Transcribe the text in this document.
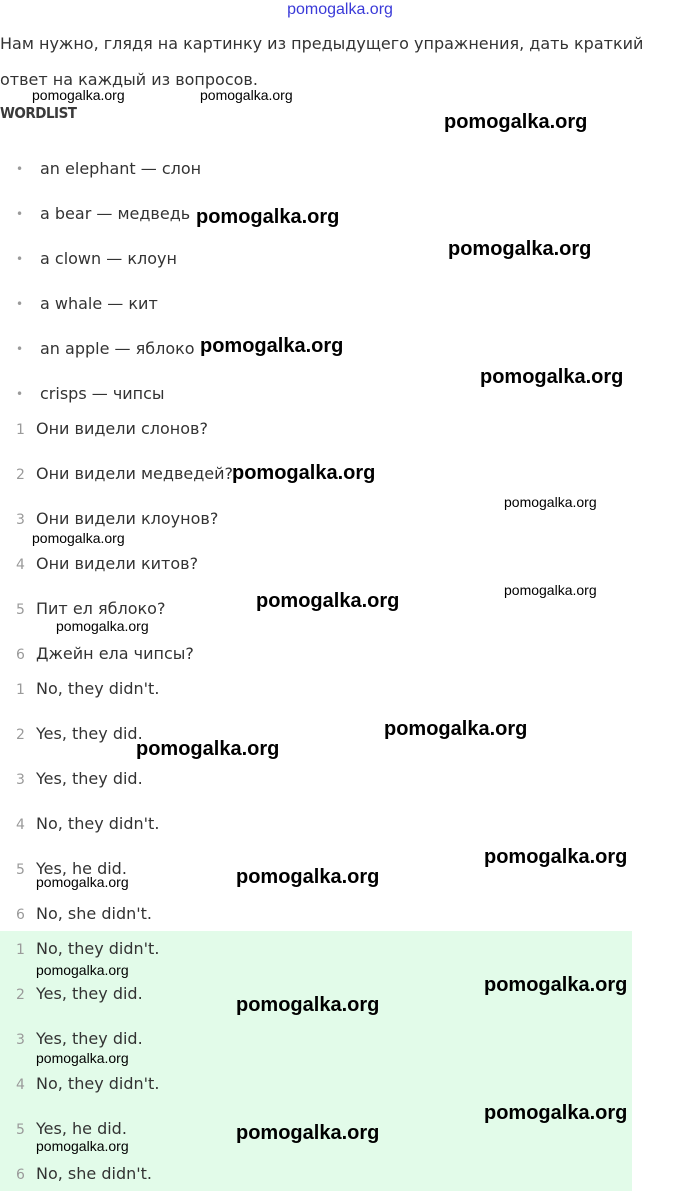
pomogalka.org
Нам нужно, глядя на картинку из предыдущего упражнения, дать краткий ответ на каждый из вопросов.
WORDLIST
• an elephant — слон
• a bear — медведь
• a clown — клоун
• a whale — кит
• an apple — яблоко
• crisps — чипсы
1 Они видели слонов?
2 Они видели медведей?
3 Они видели клоунов?
4 Они видели китов?
5 Пит ел яблоко?
6 Джейн ела чипсы?
1 No, they didn't.
2 Yes, they did.
3 Yes, they did.
4 No, they didn't.
5 Yes, he did.
6 No, she didn't.
1 No, they didn't.
2 Yes, they did.
3 Yes, they did.
4 No, they didn't.
5 Yes, he did.
6 No, she didn't.
pomogalka.org	pomogalka.org
pomogalka.org
pomogalka.org
pomogalka.org
pomogalka.org
pomogalka.org
pomogalka.org
pomogalka.org
pomogalka.org
pomogalka.org
pomogalka.org
pomogalka.org
pomogalka.org
pomogalka.org
pomogalka.org
pomogalka.org
pomogalka.org
pomogalka.org
pomogalka.org
pomogalka.org
pomogalka.org
pomogalka.org
pomogalka.org
pomogalka.org
